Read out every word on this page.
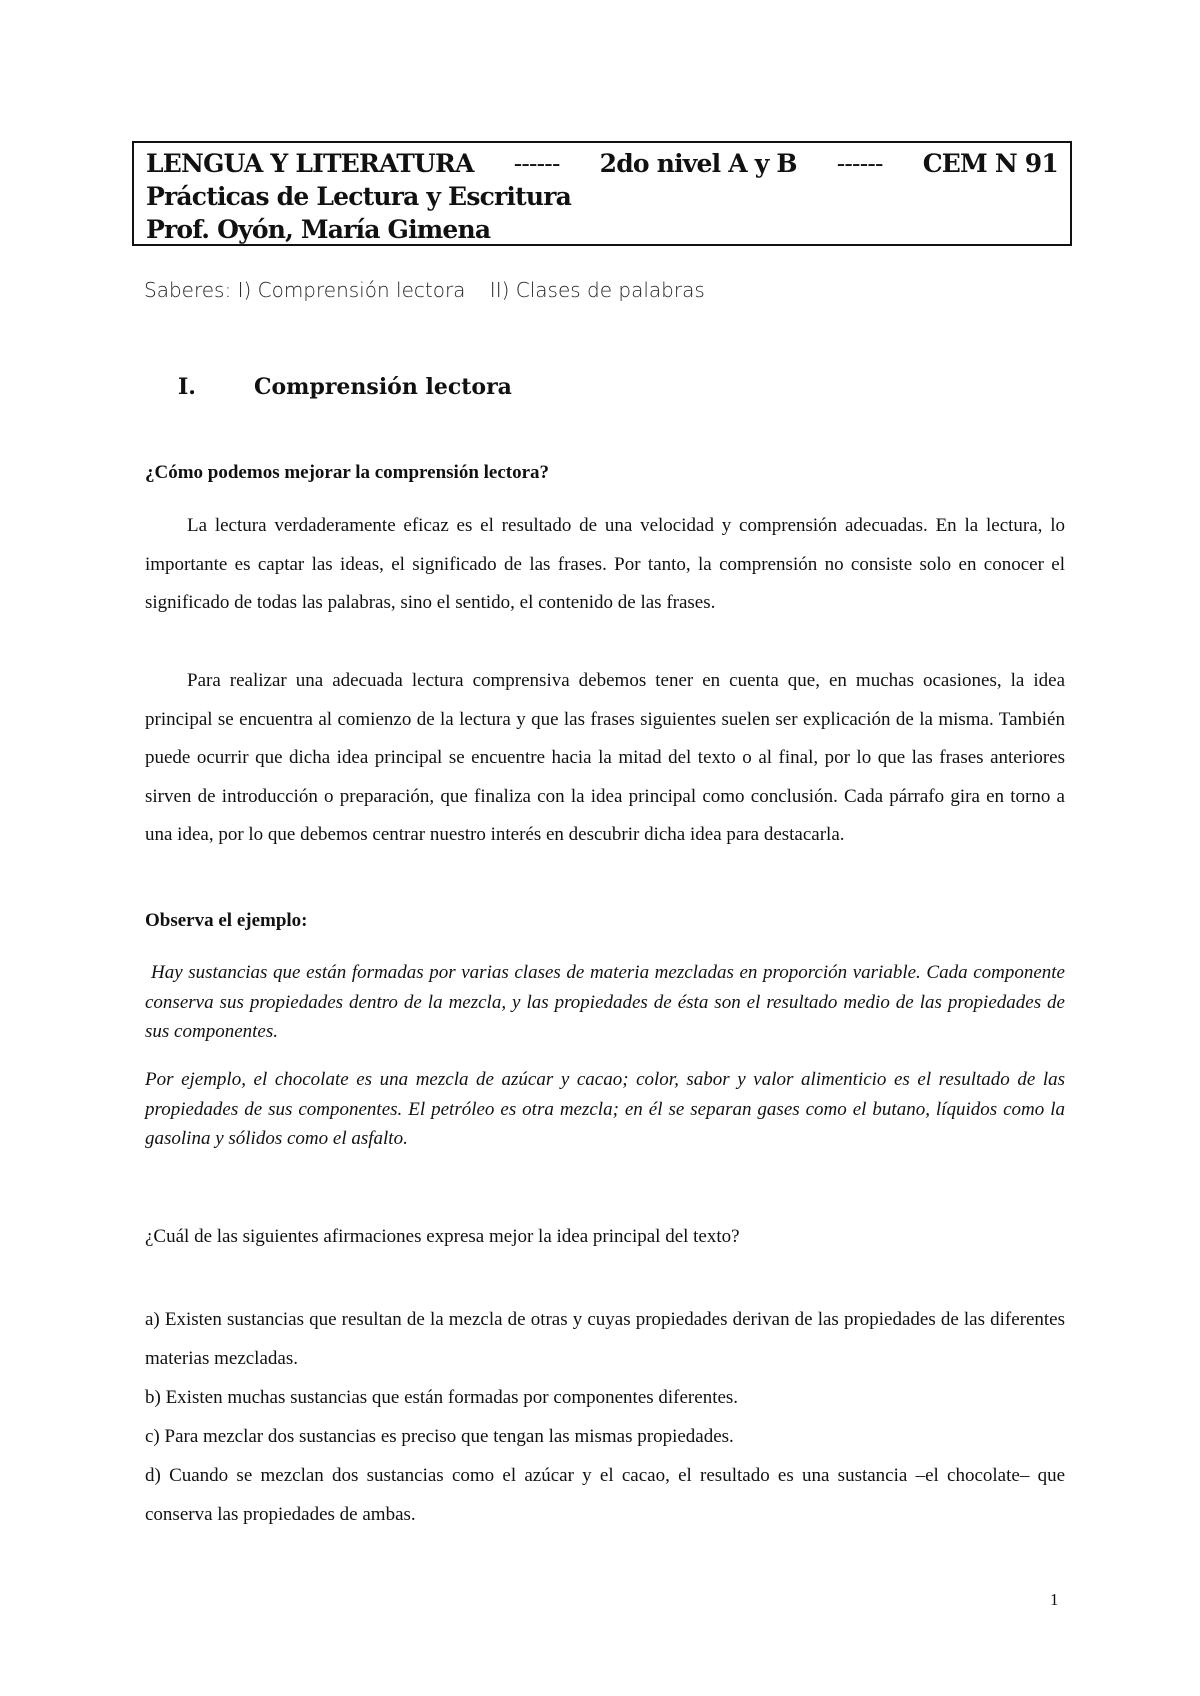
LENGUA Y LITERATURA ------ 2do nivel A y B ------ CEM N 91
Prácticas de Lectura y Escritura
Prof. Oyón, María Gimena
Saberes: I) Comprensión lectora II) Clases de palabras
I.	Comprensión lectora
¿Cómo podemos mejorar la comprensión lectora?

La lectura verdaderamente eficaz es el resultado de una velocidad y comprensión adecuadas. En la lectura, lo importante es captar las ideas, el significado de las frases. Por tanto, la comprensión no consiste solo en conocer el significado de todas las palabras, sino el sentido, el contenido de las frases.

Para realizar una adecuada lectura comprensiva debemos tener en cuenta que, en muchas ocasiones, la idea principal se encuentra al comienzo de la lectura y que las frases siguientes suelen ser explicación de la misma. También puede ocurrir que dicha idea principal se encuentre hacia la mitad del texto o al final, por lo que las frases anteriores sirven de introducción o preparación, que finaliza con la idea principal como conclusión. Cada párrafo gira en torno a una idea, por lo que debemos centrar nuestro interés en descubrir dicha idea para destacarla.

Observa el ejemplo:

Hay sustancias que están formadas por varias clases de materia mezcladas en proporción variable. Cada componente conserva sus propiedades dentro de la mezcla, y las propiedades de ésta son el resultado medio de las propiedades de sus componentes.

Por ejemplo, el chocolate es una mezcla de azúcar y cacao; color, sabor y valor alimenticio es el resultado de las propiedades de sus componentes. El petróleo es otra mezcla; en él se separan gases como el butano, líquidos como la gasolina y sólidos como el asfalto.

¿Cuál de las siguientes afirmaciones expresa mejor la idea principal del texto?
a) Existen sustancias que resultan de la mezcla de otras y cuyas propiedades derivan de las propiedades de las diferentes materias mezcladas.
b) Existen muchas sustancias que están formadas por componentes diferentes.
c) Para mezclar dos sustancias es preciso que tengan las mismas propiedades.
d) Cuando se mezclan dos sustancias como el azúcar y el cacao, el resultado es una sustancia –el chocolate– que conserva las propiedades de ambas.
1
